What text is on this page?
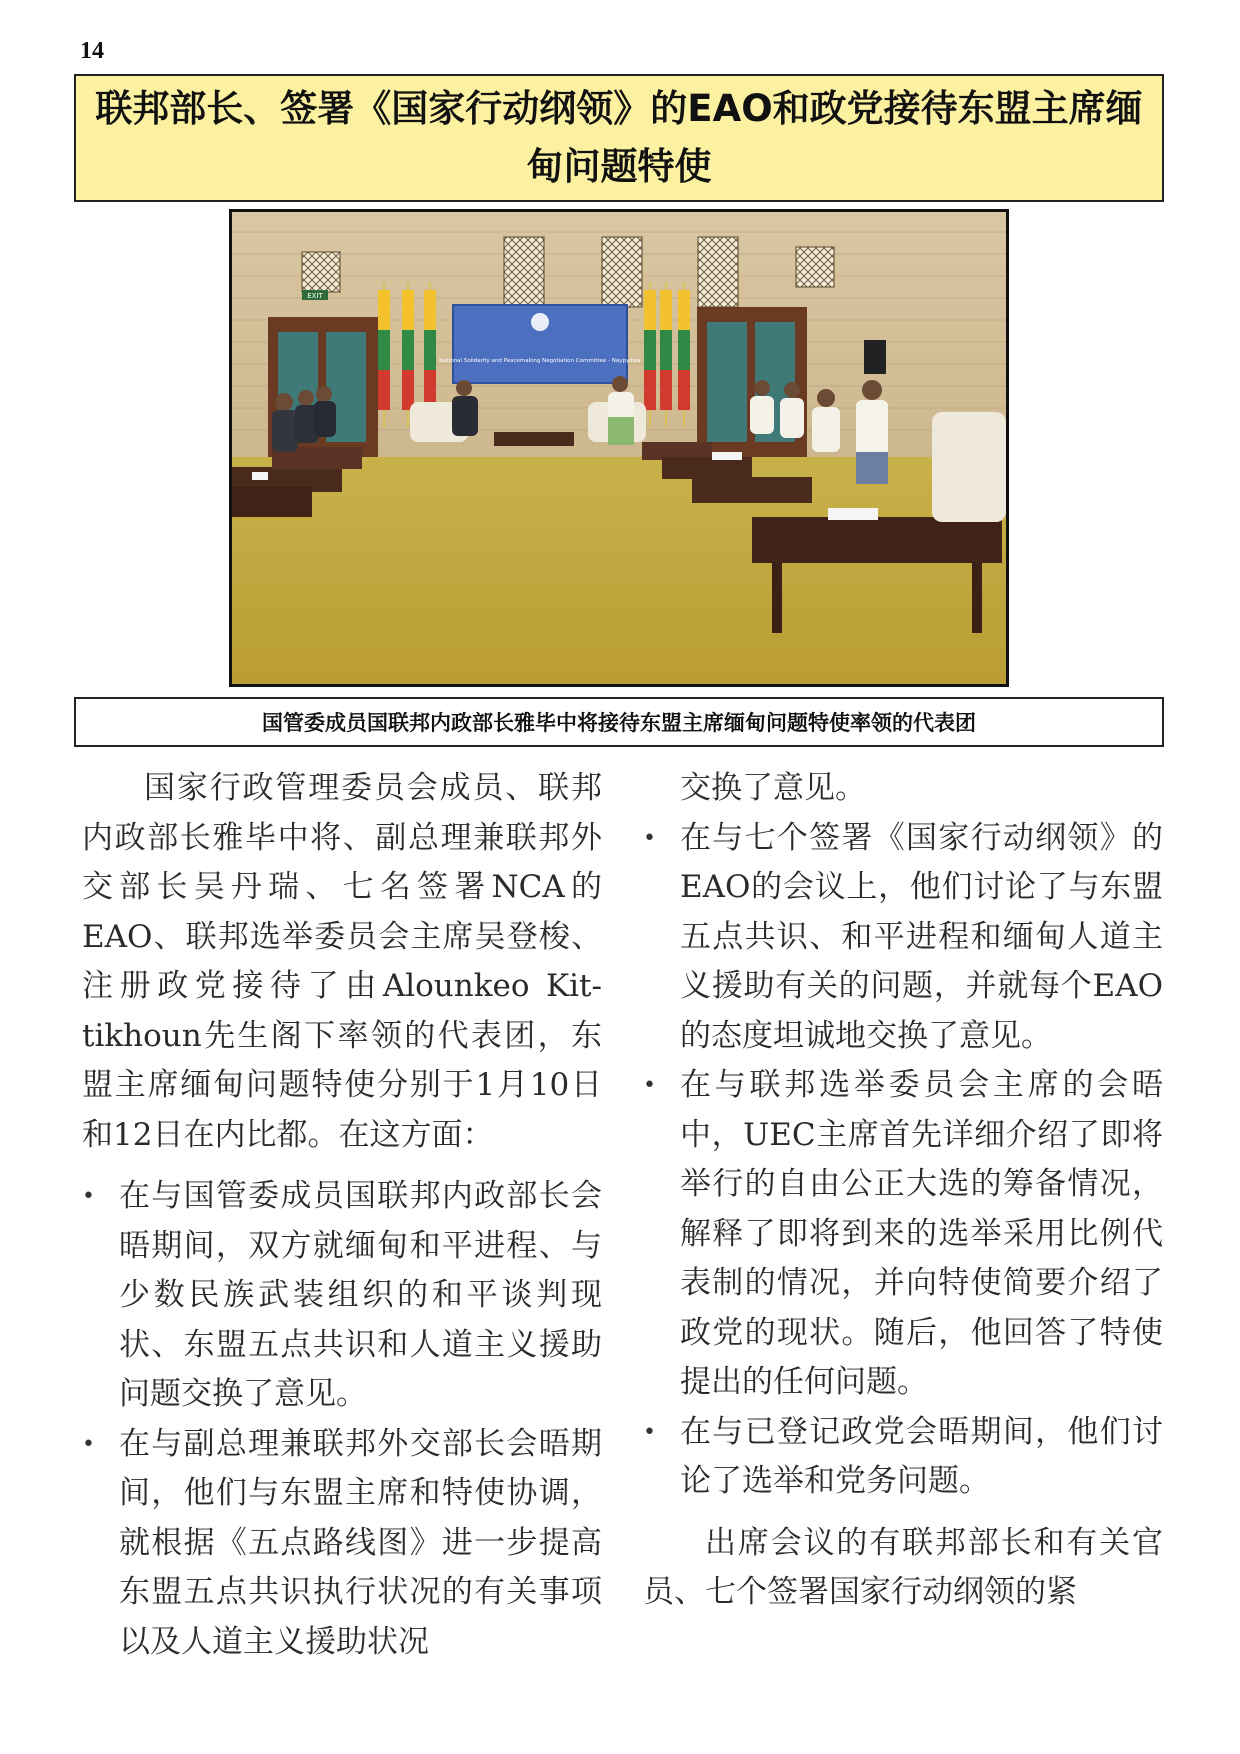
14
联邦部长、签署《国家行动纲领》的EAO和政党接待东盟主席缅甸问题特使
EXIT
National Solidarity and Peacemaking Negotiation Committee - Naypyitaw
国管委成员国联邦内政部长雅毕中将接待东盟主席缅甸问题特使率领的代表团

国家行政管理委员会成员、联邦内政部长雅毕中将、副总理兼联邦外交部长吴丹瑞、七名签署NCA的EAO、联邦选举委员会主席吴登梭、注册政党接待了由Alounkeo Kit-tikhoun先生阁下率领的代表团，东盟主席缅甸问题特使分别于1月10日和12日在内比都。在这方面：

• 在与国管委成员国联邦内政部长会晤期间，双方就缅甸和平进程、与少数民族武装组织的和平谈判现状、东盟五点共识和人道主义援助问题交换了意见。
• 在与副总理兼联邦外交部长会晤期间，他们与东盟主席和特使协调，就根据《五点路线图》进一步提高东盟五点共识执行状况的有关事项以及人道主义援助状况

交换了意见。

• 在与七个签署《国家行动纲领》的EAO的会议上，他们讨论了与东盟五点共识、和平进程和缅甸人道主义援助有关的问题，并就每个EAO的态度坦诚地交换了意见。
• 在与联邦选举委员会主席的会晤中，UEC主席首先详细介绍了即将举行的自由公正大选的筹备情况，解释了即将到来的选举采用比例代表制的情况，并向特使简要介绍了政党的现状。随后，他回答了特使提出的任何问题。
• 在与已登记政党会晤期间，他们讨论了选举和党务问题。

出席会议的有联邦部长和有关官员、七个签署国家行动纲领的紧
